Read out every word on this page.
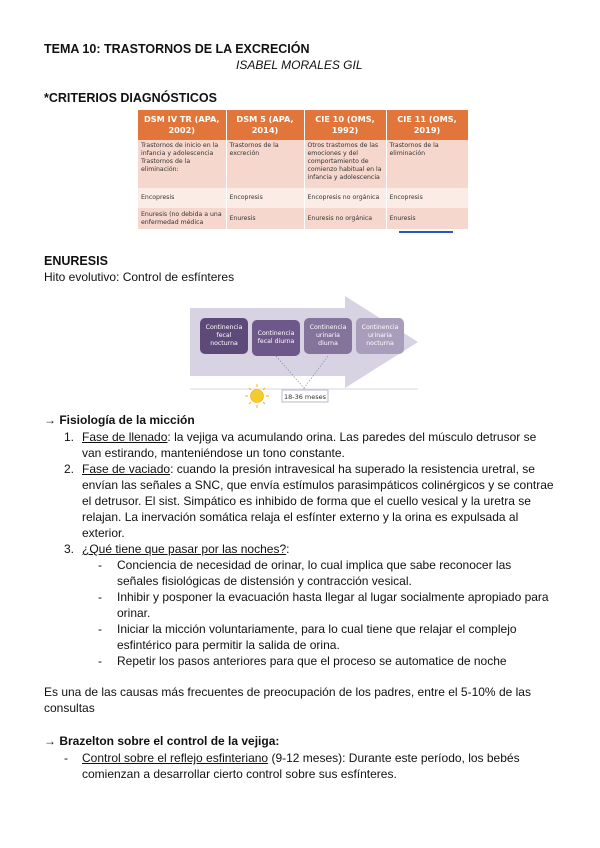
TEMA 10: TRASTORNOS DE LA EXCRECIÓN
ISABEL MORALES GIL
*CRITERIOS DIAGNÓSTICOS
DSM IV TR (APA, 2002)	DSM 5 (APA, 2014)	CIE 10 (OMS, 1992)	CIE 11 (OMS, 2019)
Trastornos de inicio en la infancia y adolescencia Trastornos de la eliminación:	Trastornos de la excreción	Otros trastornos de las emociones y del comportamiento de comienzo habitual en la infancia y adolescencia	Trastornos de la eliminación
Encopresis	Encopresis	Encopresis no orgánica	Encopresis
Enuresis (no debida a una enfermedad médica	Enuresis	Enuresis no orgánica	Enuresis
ENURESIS
Hito evolutivo: Control de esfínteres
Continencia
fecal
nocturna
Continencia
fecal diurna
Continencia
urinaria
diurna
Continencia
urinaria
nocturna
18-36 meses
→ Fisiología de la micción
1. Fase de llenado: la vejiga va acumulando orina. Las paredes del músculo detrusor se
van estirando, manteniéndose un tono constante.
2. Fase de vaciado: cuando la presión intravesical ha superado la resistencia uretral, se
envían las señales a SNC, que envía estímulos parasimpáticos colinérgicos y se contrae
el detrusor. El sist. Simpático es inhibido de forma que el cuello vesical y la uretra se
relajan. La inervación somática relaja el esfínter externo y la orina es expulsada al
exterior.
3. ¿Qué tiene que pasar por las noches?:
- Conciencia de necesidad de orinar, lo cual implica que sabe reconocer las
señales fisiológicas de distensión y contracción vesical.
- Inhibir y posponer la evacuación hasta llegar al lugar socialmente apropiado para
orinar.
- Iniciar la micción voluntariamente, para lo cual tiene que relajar el complejo
esfintérico para permitir la salida de orina.
- Repetir los pasos anteriores para que el proceso se automatice de noche
Es una de las causas más frecuentes de preocupación de los padres, entre el 5-10% de las
consultas
→ Brazelton sobre el control de la vejiga:
- Control sobre el reflejo esfinteriano (9-12 meses): Durante este período, los bebés
comienzan a desarrollar cierto control sobre sus esfínteres.
